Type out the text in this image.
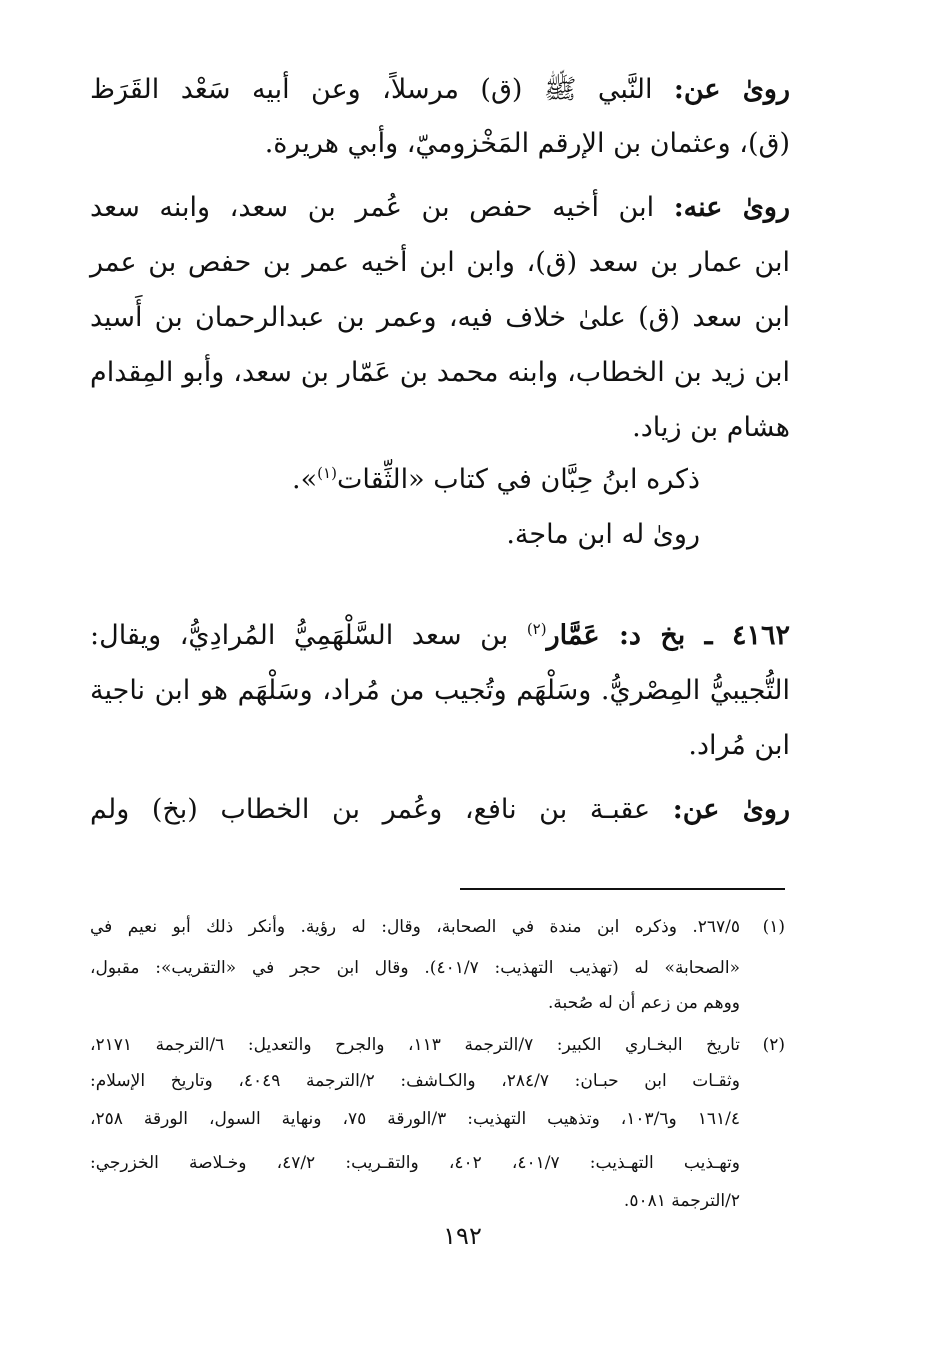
روىٰ عن: النَّبي ﷺ (ق) مرسلاً، وعن أبيه سَعْد القَرَظ
(ق)، وعثمان بن الإرقم المَخْزوميّ، وأبي هريرة.
روىٰ عنه: ابن أخيه حفص بن عُمر بن سعد، وابنه سعد
ابن عمار بن سعد (ق)، وابن ابن أخيه عمر بن حفص بن عمر
ابن سعد (ق) علىٰ خلاف فيه، وعمر بن عبدالرحمان بن أَسيد
ابن زيد بن الخطاب، وابنه محمد بن عَمّار بن سعد، وأبو المِقدام
هشام بن زياد.
ذكره ابنُ حِبَّان في كتاب «الثِّقات$^{(١)}$».
روىٰ له ابن ماجة.
٤١٦٢ ـ بخ د: عَمَّار$^{(٢)}$ بن سعد السَّلْهَمِيُّ المُرادِيُّ، ويقال:
التُّجيبيُّ المِصْريُّ. وسَلْهَم وتُجيب من مُراد، وسَلْهَم هو ابن ناجية
ابن مُراد.
روىٰ عن: عقبـة بن نافع، وعُمر بن الخطاب (بخ) ولم
(١)
٢٦٧/٥. وذكره ابن مندة في الصحابة، وقال: له رؤية. وأنكر ذلك أبو نعيم في
«الصحابة» له (تهذيب التهذيب: ٤٠١/٧). وقال ابن حجر في «التقريب»: مقبول،
ووهم من زعم أن له صُحبة.
(٢)
تاريخ البخـاري الكبير: ٧/الترجمة ١١٣، والجرح والتعديل: ٦/الترجمة ٢١٧١،
وثقـات ابن حبـان: ٢٨٤/٧، والكـاشف: ٢/الترجمة ٤٠٤٩، وتاريخ الإسلام:
١٦١/٤ و١٠٣/٦، وتذهيب التهذيب: ٣/الورقة ٧٥، ونهاية السول، الورقة ٢٥٨،
وتهـذيب التهـذيب: ٤٠١/٧، ٤٠٢، والتقـريب: ٤٧/٢، وخـلاصة الخزرجي:
٢/الترجمة ٥٠٨١.
١٩٢
